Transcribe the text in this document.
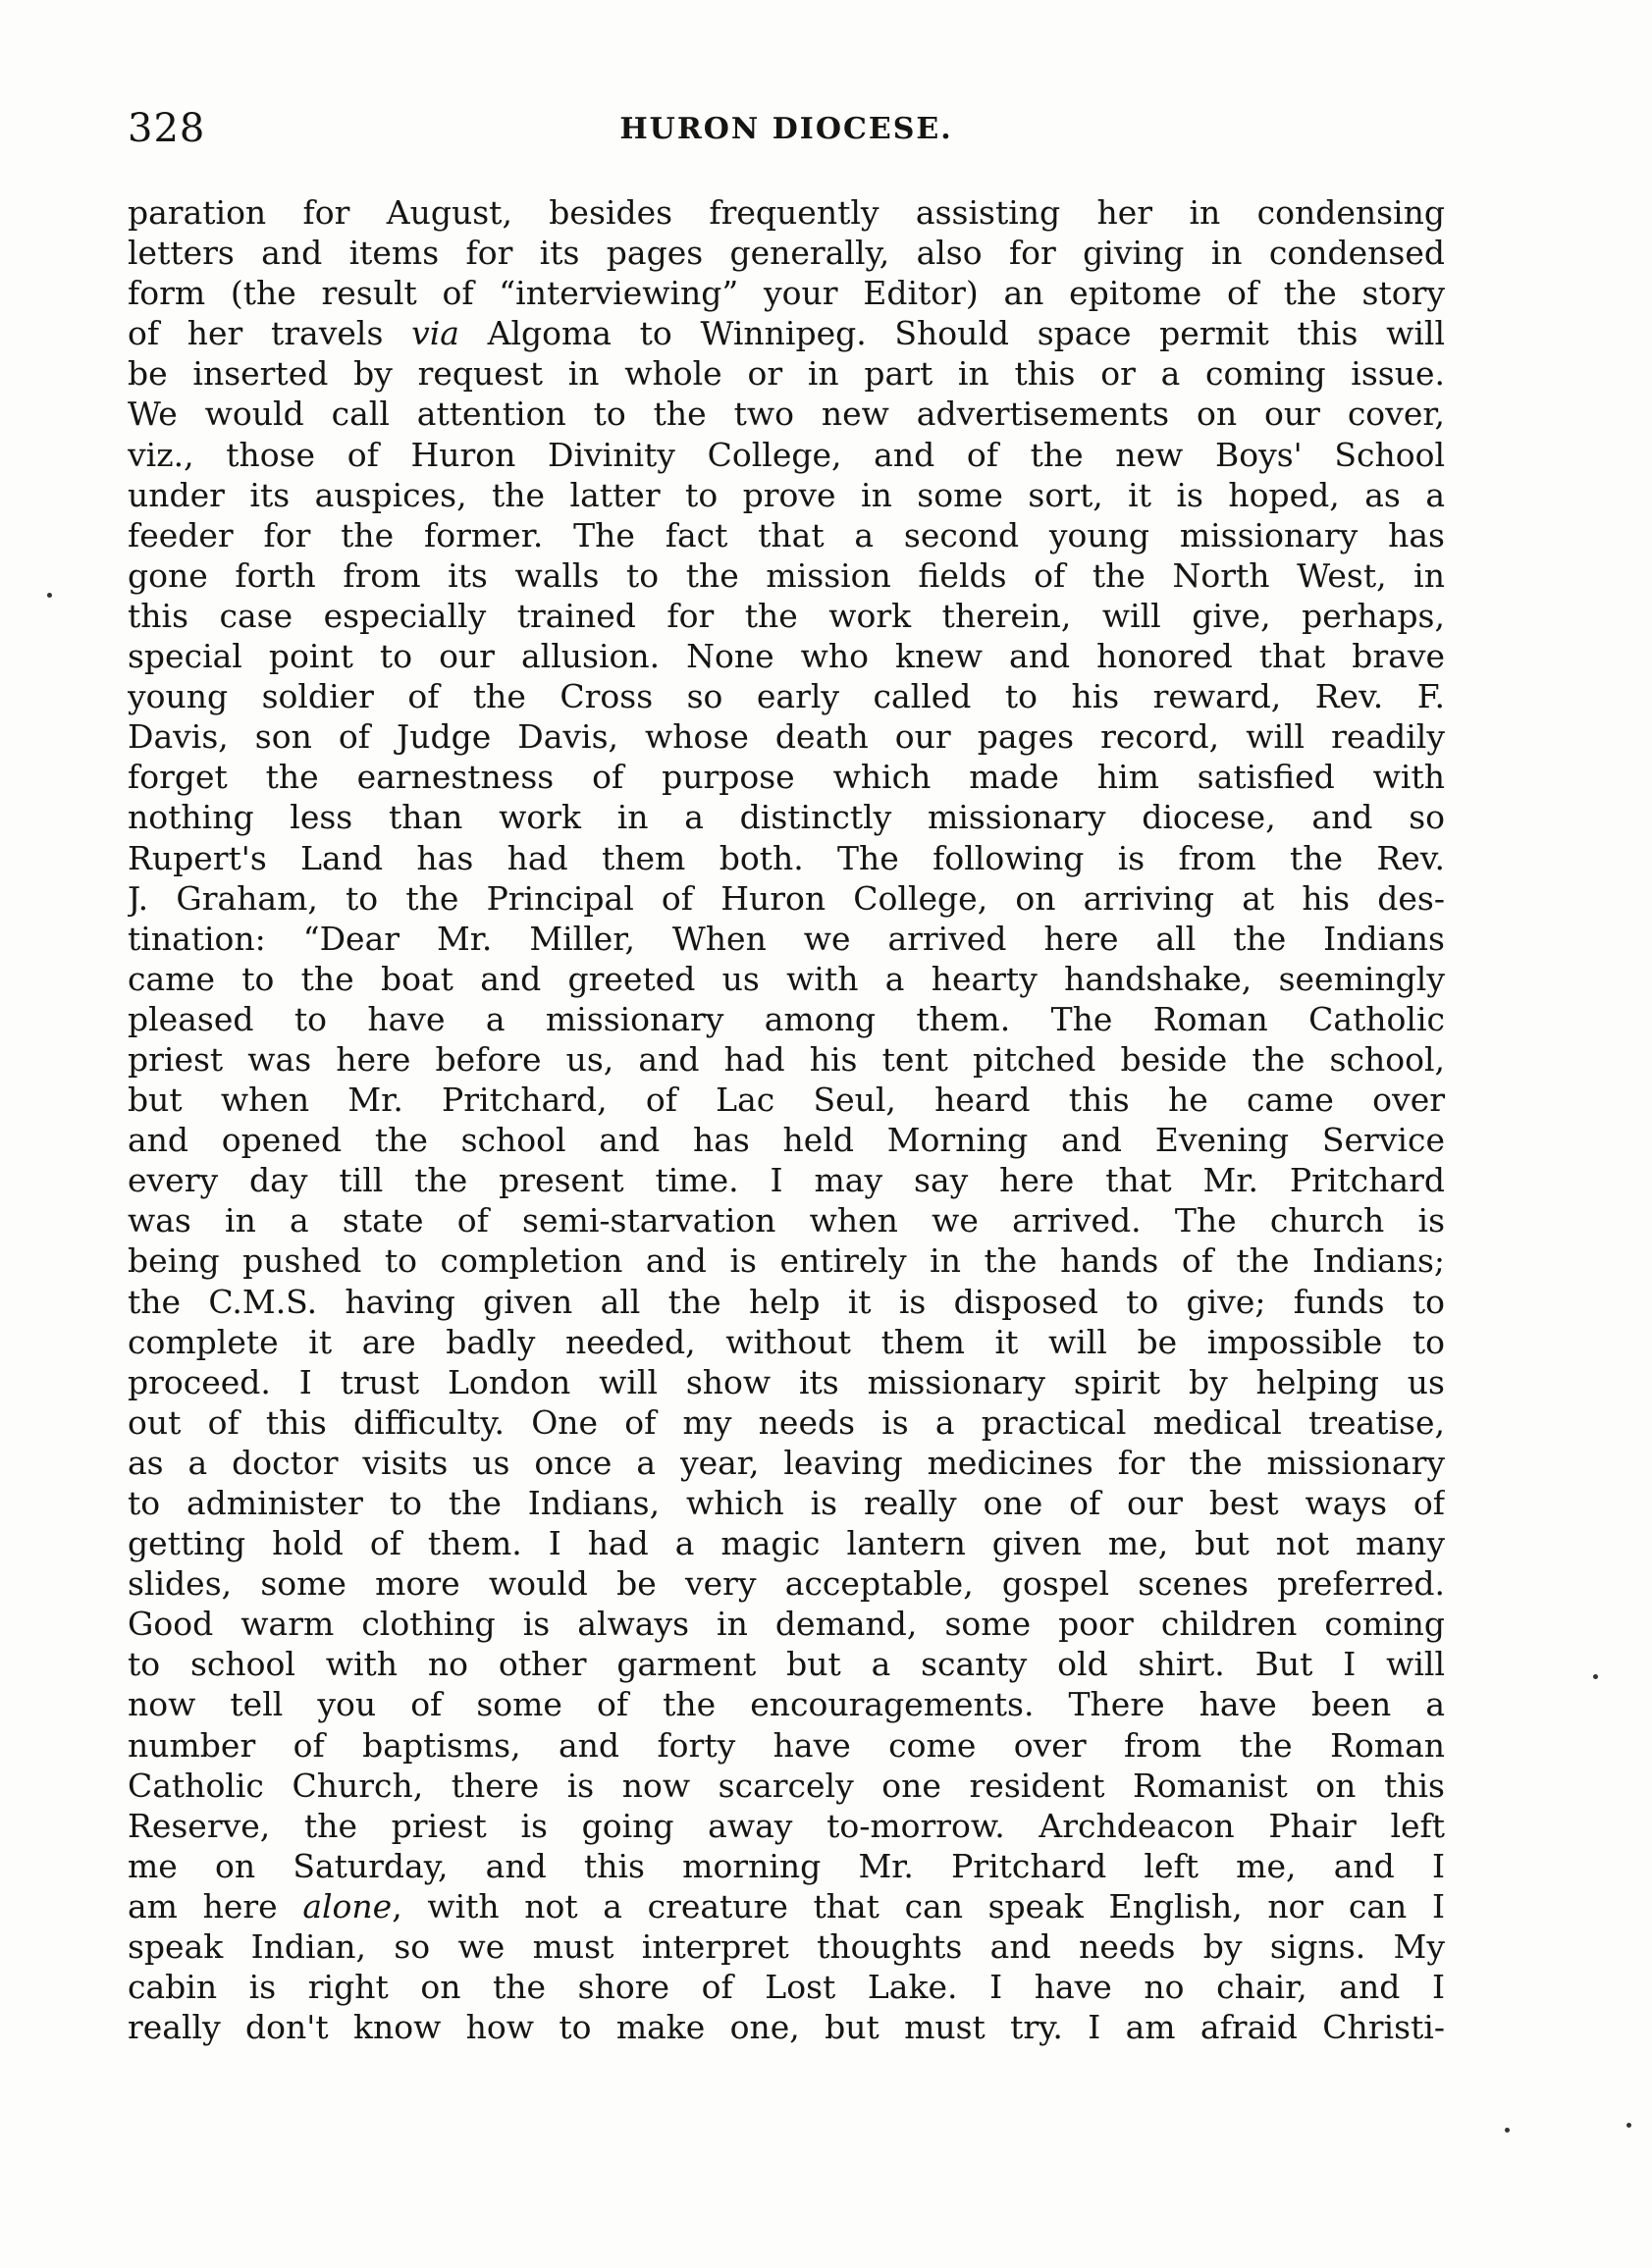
328	HURON DIOCESE.
paration for August, besides frequently assisting her in condensing
letters and items for its pages generally, also for giving in condensed
form (the result of “interviewing” your Editor) an epitome of the story
of her travels via Algoma to Winnipeg. Should space permit this will
be inserted by request in whole or in part in this or a coming issue.
We would call attention to the two new advertisements on our cover,
viz., those of Huron Divinity College, and of the new Boys' School
under its auspices, the latter to prove in some sort, it is hoped, as a
feeder for the former. The fact that a second young missionary has
gone forth from its walls to the mission fields of the North West, in
this case especially trained for the work therein, will give, perhaps,
special point to our allusion. None who knew and honored that brave
young soldier of the Cross so early called to his reward, Rev. F.
Davis, son of Judge Davis, whose death our pages record, will readily
forget the earnestness of purpose which made him satisfied with
nothing less than work in a distinctly missionary diocese, and so
Rupert's Land has had them both. The following is from the Rev.
J. Graham, to the Principal of Huron College, on arriving at his des-
tination: “Dear Mr. Miller, When we arrived here all the Indians
came to the boat and greeted us with a hearty handshake, seemingly
pleased to have a missionary among them. The Roman Catholic
priest was here before us, and had his tent pitched beside the school,
but when Mr. Pritchard, of Lac Seul, heard this he came over
and opened the school and has held Morning and Evening Service
every day till the present time. I may say here that Mr. Pritchard
was in a state of semi-starvation when we arrived. The church is
being pushed to completion and is entirely in the hands of the Indians;
the C.M.S. having given all the help it is disposed to give; funds to
complete it are badly needed, without them it will be impossible to
proceed. I trust London will show its missionary spirit by helping us
out of this difficulty. One of my needs is a practical medical treatise,
as a doctor visits us once a year, leaving medicines for the missionary
to administer to the Indians, which is really one of our best ways of
getting hold of them. I had a magic lantern given me, but not many
slides, some more would be very acceptable, gospel scenes preferred.
Good warm clothing is always in demand, some poor children coming
to school with no other garment but a scanty old shirt. But I will
now tell you of some of the encouragements. There have been a
number of baptisms, and forty have come over from the Roman
Catholic Church, there is now scarcely one resident Romanist on this
Reserve, the priest is going away to-morrow. Archdeacon Phair left
me on Saturday, and this morning Mr. Pritchard left me, and I
am here alone, with not a creature that can speak English, nor can I
speak Indian, so we must interpret thoughts and needs by signs. My
cabin is right on the shore of Lost Lake. I have no chair, and I
really don't know how to make one, but must try. I am afraid Christi-
